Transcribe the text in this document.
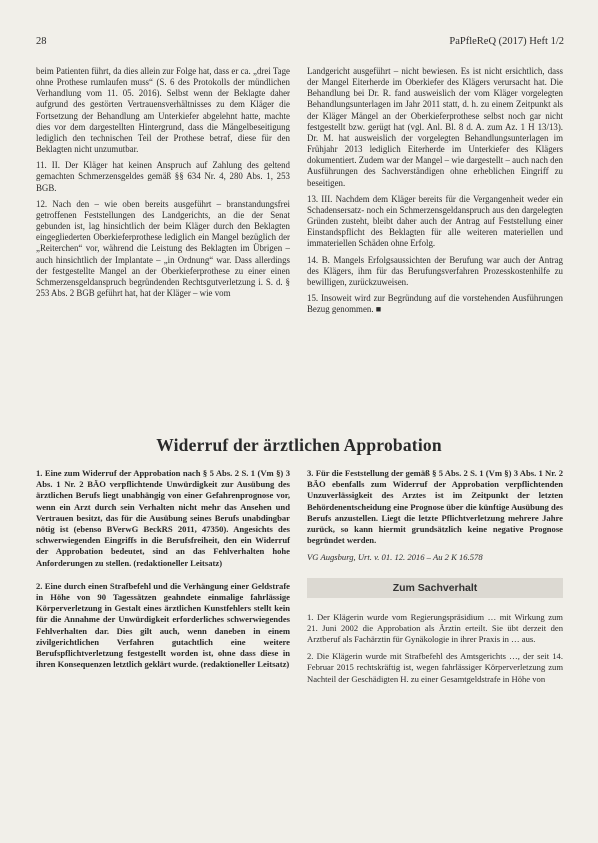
28	PaPfleReQ (2017) Heft 1/2

beim Patienten führt, da dies allein zur Folge hat, dass er ca. „drei Tage ohne Prothese rumlaufen muss“ (S. 6 des Protokolls der mündlichen Verhandlung vom 11. 05. 2016). Selbst wenn der Beklagte daher aufgrund des gestörten Vertrauensverhältnisses zu dem Kläger die Fortsetzung der Behandlung am Unterkiefer abgelehnt hatte, machte dies vor dem dargestellten Hintergrund, dass die Mängelbeseitigung lediglich den technischen Teil der Prothese betraf, diese für den Beklagten nicht unzumutbar.

11. II. Der Kläger hat keinen Anspruch auf Zahlung des geltend gemachten Schmerzensgeldes gemäß §§ 634 Nr. 4, 280 Abs. 1, 253 BGB.

12. Nach den – wie oben bereits ausgeführt – branstandungsfrei getroffenen Feststellungen des Landgerichts, an die der Senat gebunden ist, lag hinsichtlich der beim Kläger durch den Beklagten eingegliederten Oberkieferprothese lediglich ein Mangel bezüglich der „Reiterchen“ vor, während die Leistung des Beklagten im Übrigen – auch hinsichtlich der Implantate – „in Ordnung“ war. Dass allerdings der festgestellte Mangel an der Oberkieferprothese zu einer einen Schmerzensgeldanspruch begründenden Rechtsgutverletzung i. S. d. § 253 Abs. 2 BGB geführt hat, hat der Kläger – wie vom

Landgericht ausgeführt – nicht bewiesen. Es ist nicht ersichtlich, dass der Mangel Eiterherde im Oberkiefer des Klägers verursacht hat. Die Behandlung bei Dr. R. fand ausweislich der vom Kläger vorgelegten Behandlungsunterlagen im Jahr 2011 statt, d. h. zu einem Zeitpunkt als der Kläger Mängel an der Oberkieferprothese selbst noch gar nicht festgestellt bzw. gerügt hat (vgl. Anl. Bl. 8 d. A. zum Az. 1 H 13/13). Dr. M. hat ausweislich der vorgelegten Behandlungsunterlagen im Frühjahr 2013 lediglich Eiterherde im Unterkiefer des Klägers dokumentiert. Zudem war der Mangel – wie dargestellt – auch nach den Ausführungen des Sachverständigen ohne erheblichen Eingriff zu beseitigen.

13. III. Nachdem dem Kläger bereits für die Vergangenheit weder ein Schadensersatz- noch ein Schmerzensgeldanspruch aus den dargelegten Gründen zusteht, bleibt daher auch der Antrag auf Feststellung einer Einstandspflicht des Beklagten für alle weiteren materiellen und immateriellen Schäden ohne Erfolg.

14. B. Mangels Erfolgsaussichten der Berufung war auch der Antrag des Klägers, ihm für das Berufungsverfahren Prozesskostenhilfe zu bewilligen, zurückzuweisen.

15. Insoweit wird zur Begründung auf die vorstehenden Ausführungen Bezug genommen. ■

Widerruf der ärztlichen Approbation

1. Eine zum Widerruf der Approbation nach § 5 Abs. 2 S. 1 (Vm §) 3 Abs. 1 Nr. 2 BÄO verpflichtende Unwürdigkeit zur Ausübung des ärztlichen Berufs liegt unabhängig von einer Gefahrenprognose vor, wenn ein Arzt durch sein Verhalten nicht mehr das Ansehen und Vertrauen besitzt, das für die Ausübung seines Berufs unabdingbar nötig ist (ebenso BVerwG BeckRS 2011, 47350). Angesichts des schwerwiegenden Eingriffs in die Berufsfreiheit, den ein Widerruf der Approbation bedeutet, sind an das Fehlverhalten hohe Anforderungen zu stellen. (redaktioneller Leitsatz)

2. Eine durch einen Strafbefehl und die Verhängung einer Geldstrafe in Höhe von 90 Tagessätzen geahndete einmalige fahrlässige Körperverletzung in Gestalt eines ärztlichen Kunstfehlers stellt kein für die Annahme der Unwürdigkeit erforderliches schwerwiegendes Fehlverhalten dar. Dies gilt auch, wenn daneben in einem zivilgerichtlichen Verfahren gutachtlich eine weitere Berufspflichtverletzung festgestellt worden ist, ohne dass diese in ihren Konsequenzen letztlich geklärt wurde. (redaktioneller Leitsatz)

3. Für die Feststellung der gemäß § 5 Abs. 2 S. 1 (Vm §) 3 Abs. 1 Nr. 2 BÄO ebenfalls zum Widerruf der Approbation verpflichtenden Unzuverlässigkeit des Arztes ist im Zeitpunkt der letzten Behördenentscheidung eine Prognose über die künftige Ausübung des Berufs anzustellen. Liegt die letzte Pflichtverletzung mehrere Jahre zurück, so kann hiermit grundsätzlich keine negative Prognose begründet werden.

VG Augsburg, Urt. v. 01. 12. 2016 – Au 2 K 16.578

Zum Sachverhalt

1. Der Klägerin wurde vom Regierungspräsidium … mit Wirkung zum 21. Juni 2002 die Approbation als Ärztin erteilt. Sie übt derzeit den Arztberuf als Fachärztin für Gynäkologie in ihrer Praxis in … aus.

2. Die Klägerin wurde mit Strafbefehl des Amtsgerichts …, der seit 14. Februar 2015 rechtskräftig ist, wegen fahrlässiger Körperverletzung zum Nachteil der Geschädigten H. zu einer Gesamtgeldstrafe in Höhe von
